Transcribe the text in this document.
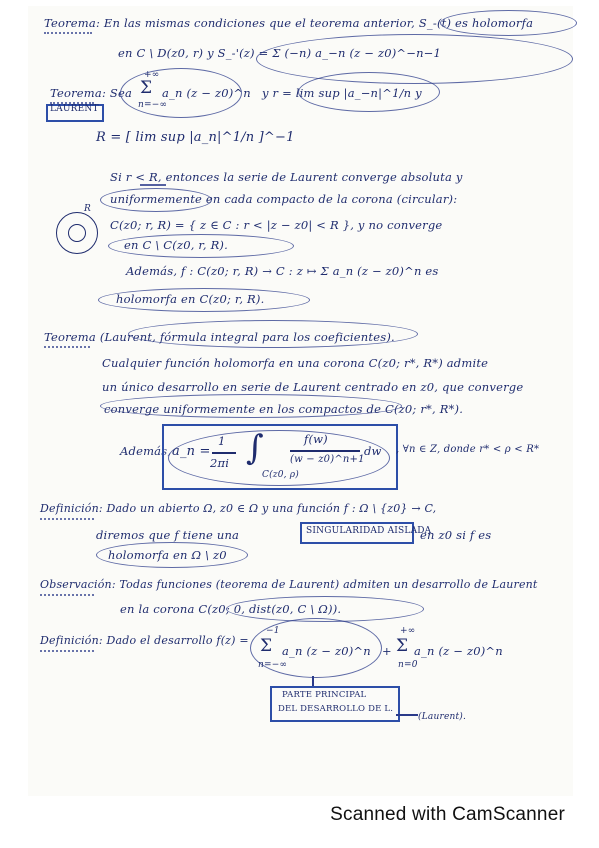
Teorema: En las mismas condiciones que el teorema anterior, S_-(t) es holomorfa
en C \ D(z0, r) y S_-'(z) = Σ (−n) a_−n (z − z0)^−n−1
Teorema: Sea Σ
+∞
n=−∞
a_n (z − z0)^n y r = lim sup |a_−n|^1/n y
LAURENT
R = [ lim sup |a_n|^1/n ]^−1
Si r < R, entonces la serie de Laurent converge absoluta y
uniformemente en cada compacto de la corona (circular):
R
C(z0; r, R) = { z ∈ C : r < |z − z0| < R }, y no converge
en C \ C(z0, r, R).
Además, f : C(z0; r, R) → C : z ↦ Σ a_n (z − z0)^n es
holomorfa en C(z0; r, R).
Teorema (Laurent, fórmula integral para los coeficientes).
Cualquier función holomorfa en una corona C(z0; r*, R*) admite
un único desarrollo en serie de Laurent centrado en z0, que converge
converge uniformemente en los compactos de C(z0; r*, R*).
Además, a_n =
1
2πi ∫
C(z0, ρ)
f(w)
(w − z0)^n+1
dw , ∀n ∈ Z, donde r* < ρ < R*
Definición: Dado un abierto Ω, z0 ∈ Ω y una función f : Ω \ {z0} → C,
diremos que f tiene una	SINGULARIDAD AISLADA
en z0 si f es
holomorfa en Ω \ z0
Observación: Todas funciones (teorema de Laurent) admiten un desarrollo de Laurent
en la corona C(z0; 0, dist(z0, C \ Ω)).
Definición: Dado el desarrollo f(z) = Σ
−1
n=−∞
a_n (z − z0)^n + Σ
+∞
n=0
a_n (z − z0)^n
PARTE PRINCIPAL
DEL DESARROLLO DE L.
(Laurent).
Scanned with CamScanner
